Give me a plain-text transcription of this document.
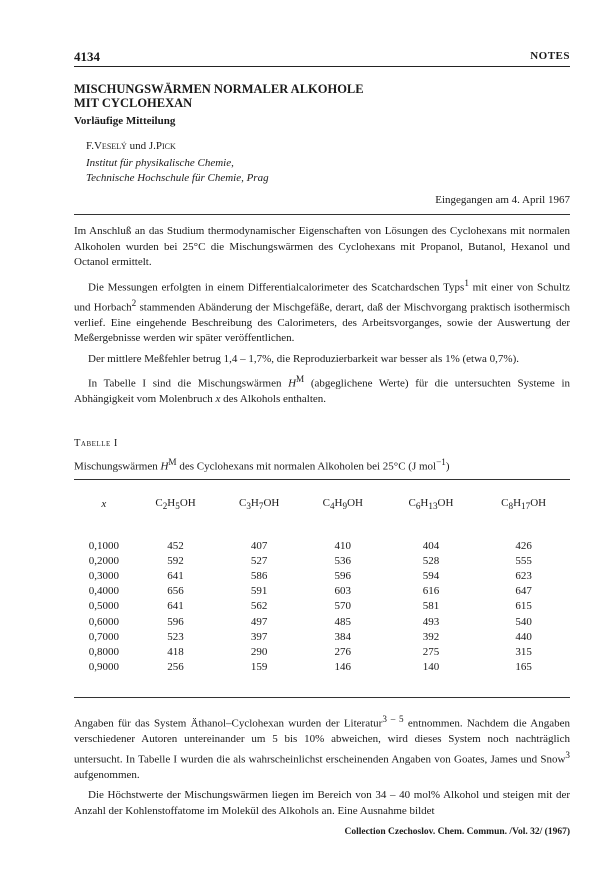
4134	NOTES
MISCHUNGSWÄRMEN NORMALER ALKOHOLE
MIT CYCLOHEXAN
Vorläufige Mitteilung
F.Veselý und J.Pick
Institut für physikalische Chemie,
Technische Hochschule für Chemie, Prag
Eingegangen am 4. April 1967

Im Anschluß an das Studium thermodynamischer Eigenschaften von Lösungen des Cyclohexans mit normalen Alkoholen wurden bei 25°C die Mischungswärmen des Cyclohexans mit Propanol, Butanol, Hexanol und Octanol ermittelt.

Die Messungen erfolgten in einem Differentialcalorimeter des Scatchardschen Typs$^1$ mit einer von Schultz und Horbach$^2$ stammenden Abänderung der Mischgefäße, derart, daß der Mischvorgang praktisch isothermisch verlief. Eine eingehende Beschreibung des Calorimeters, des Arbeitsvorganges, sowie der Auswertung der Meßergebnisse werden wir später veröffentlichen.

Der mittlere Meßfehler betrug 1,4 – 1,7%, die Reproduzierbarkeit war besser als 1% (etwa 0,7%).

In Tabelle I sind die Mischungswärmen $H^M$ (abgeglichene Werte) für die untersuchten Systeme in Abhängigkeit vom Molenbruch x des Alkohols enthalten.

Tabelle I
Mischungswärmen $H^M$ des Cyclohexans mit normalen Alkoholen bei 25°C (J mol$^{-1}$)
x	$C_2H_5OH$	$C_3H_7OH$	$C_4H_9OH$	$C_6H_{13}OH$	$C_8H_{17}OH$
0,1000	452	407	410	404	426
0,2000	592	527	536	528	555
0,3000	641	586	596	594	623
0,4000	656	591	603	616	647
0,5000	641	562	570	581	615
0,6000	596	497	485	493	540
0,7000	523	397	384	392	440
0,8000	418	290	276	275	315
0,9000	256	159	146	140	165

Angaben für das System Äthanol–Cyclohexan wurden der Literatur$^{3 - 5}$ entnommen. Nachdem die Angaben verschiedener Autoren untereinander um 5 bis 10% abweichen, wird dieses System noch nachträglich untersucht. In Tabelle I wurden die als wahrscheinlichst erscheinenden Angaben von Goates, James und Snow$^3$ aufgenommen.

Die Höchstwerte der Mischungswärmen liegen im Bereich von 34 – 40 mol% Alkohol und steigen mit der Anzahl der Kohlenstoffatome im Molekül des Alkohols an. Eine Ausnahme bildet

Collection Czechoslov. Chem. Commun. /Vol. 32/ (1967)
